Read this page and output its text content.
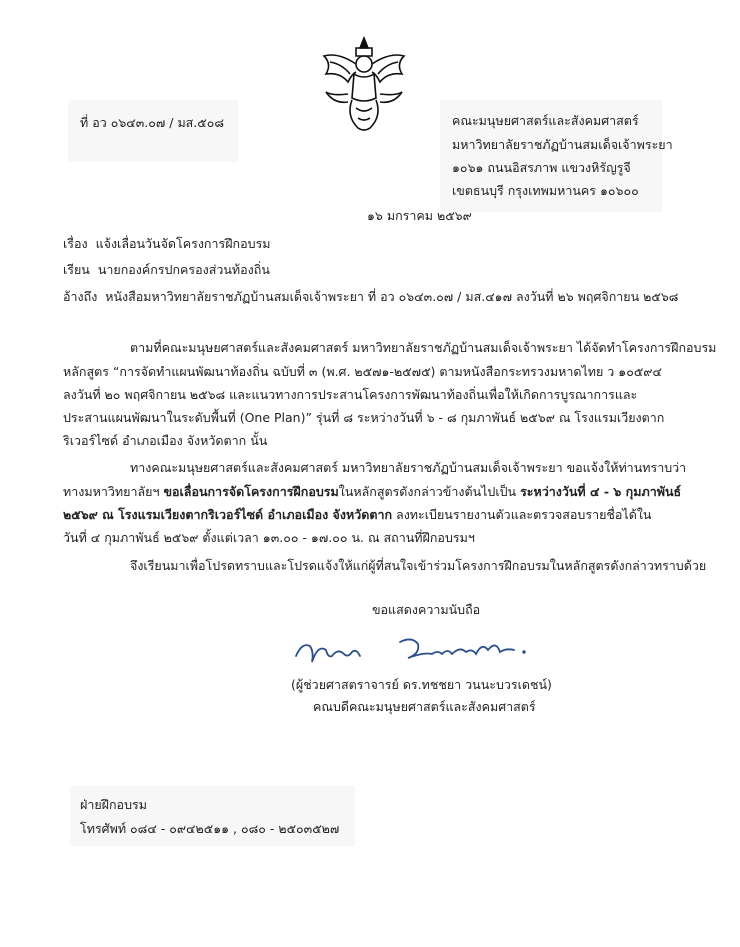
ที่ อว ๐๖๔๓.๐๗ / มส.๕๐๘	คณะมนุษยศาสตร์และสังคมศาสตร์
มหาวิทยาลัยราชภัฏบ้านสมเด็จเจ้าพระยา
๑๐๖๑ ถนนอิสรภาพ แขวงหิรัญรูจี
เขตธนบุรี กรุงเทพมหานคร ๑๐๖๐๐
๑๖ มกราคม ๒๕๖๙
เรื่อง แจ้งเลื่อนวันจัดโครงการฝึกอบรม
เรียน นายกองค์กรปกครองส่วนท้องถิ่น
อ้างถึง หนังสือมหาวิทยาลัยราชภัฏบ้านสมเด็จเจ้าพระยา ที่ อว ๐๖๔๓.๐๗ / มส.๔๑๗ ลงวันที่ ๒๖ พฤศจิกายน ๒๕๖๘
ตามที่คณะมนุษยศาสตร์และสังคมศาสตร์ มหาวิทยาลัยราชภัฏบ้านสมเด็จเจ้าพระยา ได้จัดทำโครงการฝึกอบรม
หลักสูตร “การจัดทำแผนพัฒนาท้องถิ่น ฉบับที่ ๓ (พ.ศ. ๒๕๗๑-๒๕๗๕) ตามหนังสือกระทรวงมหาดไทย ว ๑๐๕๙๔
ลงวันที่ ๒๐ พฤศจิกายน ๒๕๖๘ และแนวทางการประสานโครงการพัฒนาท้องถิ่นเพื่อให้เกิดการบูรณาการและ
ประสานแผนพัฒนาในระดับพื้นที่ (One Plan)” รุ่นที่ ๘ ระหว่างวันที่ ๖ - ๘ กุมภาพันธ์ ๒๕๖๙ ณ โรงแรมเวียงตาก
ริเวอร์ไซด์ อำเภอเมือง จังหวัดตาก นั้น
ทางคณะมนุษยศาสตร์และสังคมศาสตร์ มหาวิทยาลัยราชภัฏบ้านสมเด็จเจ้าพระยา ขอแจ้งให้ท่านทราบว่า
ทางมหาวิทยาลัยฯ ขอเลื่อนการจัดโครงการฝึกอบรมในหลักสูตรดังกล่าวข้างต้นไปเป็น ระหว่างวันที่ ๔ - ๖ กุมภาพันธ์
๒๕๖๙ ณ โรงแรมเวียงตากริเวอร์ไซด์ อำเภอเมือง จังหวัดตาก ลงทะเบียนรายงานตัวและตรวจสอบรายชื่อได้ใน
วันที่ ๔ กุมภาพันธ์ ๒๕๖๙ ตั้งแต่เวลา ๑๓.๐๐ - ๑๗.๐๐ น. ณ สถานที่ฝึกอบรมฯ
จึงเรียนมาเพื่อโปรดทราบและโปรดแจ้งให้แก่ผู้ที่สนใจเข้าร่วมโครงการฝึกอบรมในหลักสูตรดังกล่าวทราบด้วย
ขอแสดงความนับถือ
(ผู้ช่วยศาสตราจารย์ ดร.ทชชยา วนนะบวรเดชน์)
คณบดีคณะมนุษยศาสตร์และสังคมศาสตร์
ฝ่ายฝึกอบรม
โทรศัพท์ ๐๘๔ - ๐๙๔๒๕๑๑ , ๐๘๐ - ๒๕๐๓๕๒๗
